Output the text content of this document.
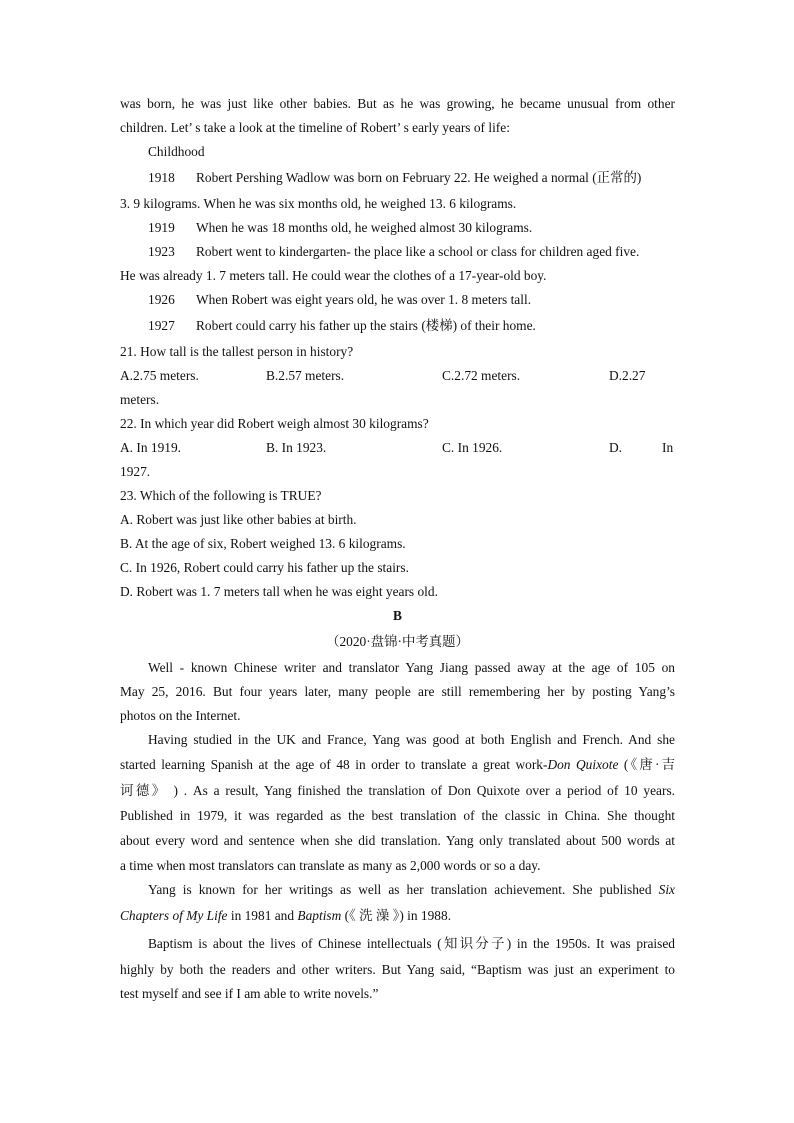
was born, he was just like other babies. But as he was growing, he became unusual from other
children. Let’ s take a look at the timeline of Robert’ s early years of life:
Childhood
1918 Robert Pershing Wadlow was born on February 22. He weighed a normal (正常的)
3. 9 kilograms. When he was six months old, he weighed 13. 6 kilograms.
1919 When he was 18 months old, he weighed almost 30 kilograms.
1923 Robert went to kindergarten- the place like a school or class for children aged five.
He was already 1. 7 meters tall. He could wear the clothes of a 17-year-old boy.
1926 When Robert was eight years old, he was over 1. 8 meters tall.
1927 Robert could carry his father up the stairs (楼梯) of their home.
21. How tall is the tallest person in history?
A.2.75 meters.	B.2.57 meters.	C.2.72 meters.	D.2.27
meters.
22. In which year did Robert weigh almost 30 kilograms?
A. In 1919.	B. In 1923.	C. In 1926.	D.	In
1927.
23. Which of the following is TRUE?
A. Robert was just like other babies at birth.
B. At the age of six, Robert weighed 13. 6 kilograms.
C. In 1926, Robert could carry his father up the stairs.
D. Robert was 1. 7 meters tall when he was eight years old.
B
（2020·盘锦·中考真题）
Well - known Chinese writer and translator Yang Jiang passed away at the age of 105 on
May 25, 2016. But four years later, many people are still remembering her by posting Yang’s
photos on the Internet.
Having studied in the UK and France, Yang was good at both English and French. And she
started learning Spanish at the age of 48 in order to translate a great work-Don Quixote (《唐·吉
诃德》 ) . As a result, Yang finished the translation of Don Quixote over a period of 10 years.
Published in 1979, it was regarded as the best translation of the classic in China. She thought
about every word and sentence when she did translation. Yang only translated about 500 words at
a time when most translators can translate as many as 2,000 words or so a day.
Yang is known for her writings as well as her translation achievement. She published Six
Chapters of My Life in 1981 and Baptism (《 洗 澡 》) in 1988.
Baptism is about the lives of Chinese intellectuals (知识分子) in the 1950s. It was praised
highly by both the readers and other writers. But Yang said, “Baptism was just an experiment to
test myself and see if I am able to write novels.”
